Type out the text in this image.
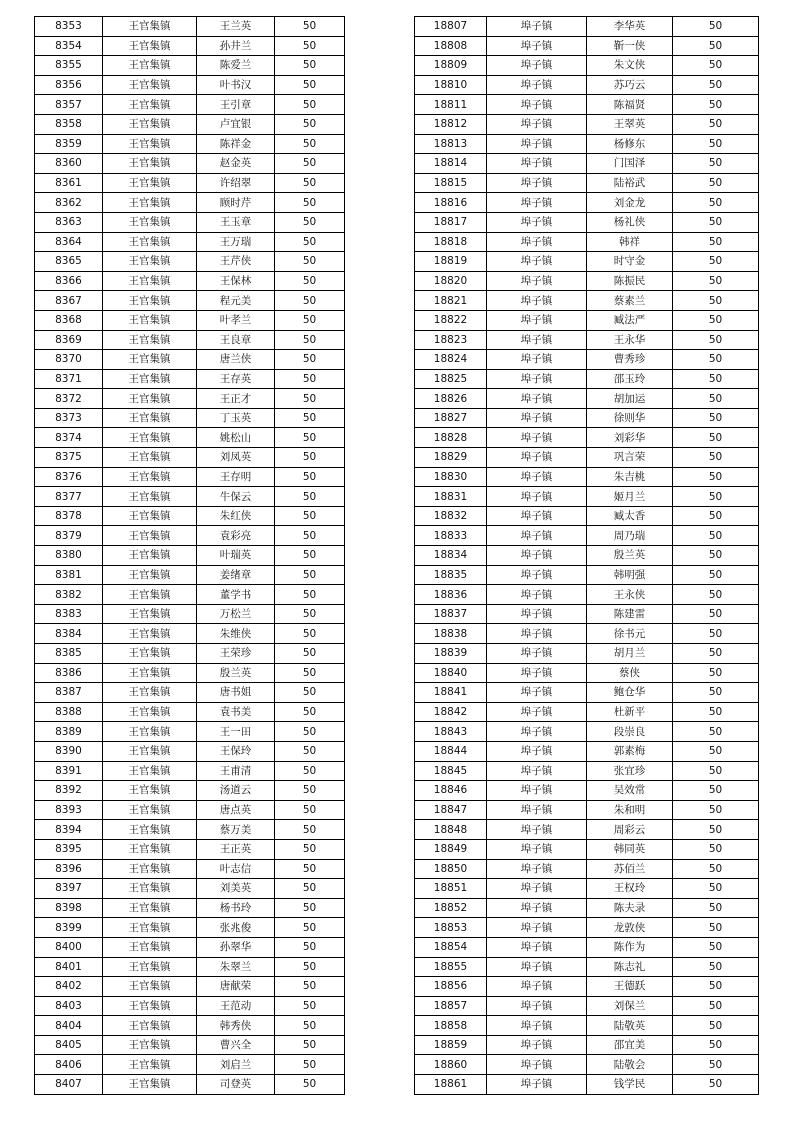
8353	王官集镇	王兰英	50
8354	王官集镇	孙井兰	50
8355	王官集镇	陈爱兰	50
8356	王官集镇	叶书汉	50
8357	王官集镇	王引章	50
8358	王官集镇	卢宜银	50
8359	王官集镇	陈祥金	50
8360	王官集镇	赵金英	50
8361	王官集镇	许绍翠	50
8362	王官集镇	顾时芹	50
8363	王官集镇	王玉章	50
8364	王官集镇	王万瑞	50
8365	王官集镇	王芹侠	50
8366	王官集镇	王保林	50
8367	王官集镇	程元美	50
8368	王官集镇	叶孝兰	50
8369	王官集镇	王良章	50
8370	王官集镇	唐兰侠	50
8371	王官集镇	王存英	50
8372	王官集镇	王正才	50
8373	王官集镇	丁玉英	50
8374	王官集镇	姚松山	50
8375	王官集镇	刘凤英	50
8376	王官集镇	王存明	50
8377	王官集镇	牛保云	50
8378	王官集镇	朱红侠	50
8379	王官集镇	袁彩亮	50
8380	王官集镇	叶瑞英	50
8381	王官集镇	姜绪章	50
8382	王官集镇	董学书	50
8383	王官集镇	万松兰	50
8384	王官集镇	朱维侠	50
8385	王官集镇	王荣珍	50
8386	王官集镇	殷兰英	50
8387	王官集镇	唐书姐	50
8388	王官集镇	袁书美	50
8389	王官集镇	王一田	50
8390	王官集镇	王保玲	50
8391	王官集镇	王甫清	50
8392	王官集镇	汤道云	50
8393	王官集镇	唐点英	50
8394	王官集镇	蔡万美	50
8395	王官集镇	王正英	50
8396	王官集镇	叶志信	50
8397	王官集镇	刘美英	50
8398	王官集镇	杨书玲	50
8399	王官集镇	张兆俊	50
8400	王官集镇	孙翠华	50
8401	王官集镇	朱翠兰	50
8402	王官集镇	唐献荣	50
8403	王官集镇	王范动	50
8404	王官集镇	韩秀侠	50
8405	王官集镇	曹兴全	50
8406	王官集镇	刘启兰	50
8407	王官集镇	司登英	50
18807	埠子镇	李华英	50
18808	埠子镇	靳一侠	50
18809	埠子镇	朱文侠	50
18810	埠子镇	苏巧云	50
18811	埠子镇	陈福贤	50
18812	埠子镇	王翠英	50
18813	埠子镇	杨修东	50
18814	埠子镇	门国泽	50
18815	埠子镇	陆裕武	50
18816	埠子镇	刘金龙	50
18817	埠子镇	杨礼侠	50
18818	埠子镇	韩祥	50
18819	埠子镇	时守金	50
18820	埠子镇	陈振民	50
18821	埠子镇	蔡素兰	50
18822	埠子镇	臧法严	50
18823	埠子镇	王永华	50
18824	埠子镇	曹秀珍	50
18825	埠子镇	邵玉玲	50
18826	埠子镇	胡加运	50
18827	埠子镇	徐则华	50
18828	埠子镇	刘彩华	50
18829	埠子镇	巩言荣	50
18830	埠子镇	朱吉桃	50
18831	埠子镇	姬月兰	50
18832	埠子镇	臧太香	50
18833	埠子镇	周乃瑞	50
18834	埠子镇	殷兰英	50
18835	埠子镇	韩明强	50
18836	埠子镇	王永侠	50
18837	埠子镇	陈建雷	50
18838	埠子镇	徐书元	50
18839	埠子镇	胡月兰	50
18840	埠子镇	蔡侠	50
18841	埠子镇	鲍仓华	50
18842	埠子镇	杜新平	50
18843	埠子镇	段崇良	50
18844	埠子镇	郭素梅	50
18845	埠子镇	张宜珍	50
18846	埠子镇	吴效常	50
18847	埠子镇	朱和明	50
18848	埠子镇	周彩云	50
18849	埠子镇	韩同英	50
18850	埠子镇	苏佰兰	50
18851	埠子镇	王权玲	50
18852	埠子镇	陈夫录	50
18853	埠子镇	龙敦侠	50
18854	埠子镇	陈作为	50
18855	埠子镇	陈志礼	50
18856	埠子镇	王德跃	50
18857	埠子镇	刘保兰	50
18858	埠子镇	陆敬英	50
18859	埠子镇	邵宜美	50
18860	埠子镇	陆敬会	50
18861	埠子镇	钱学民	50
